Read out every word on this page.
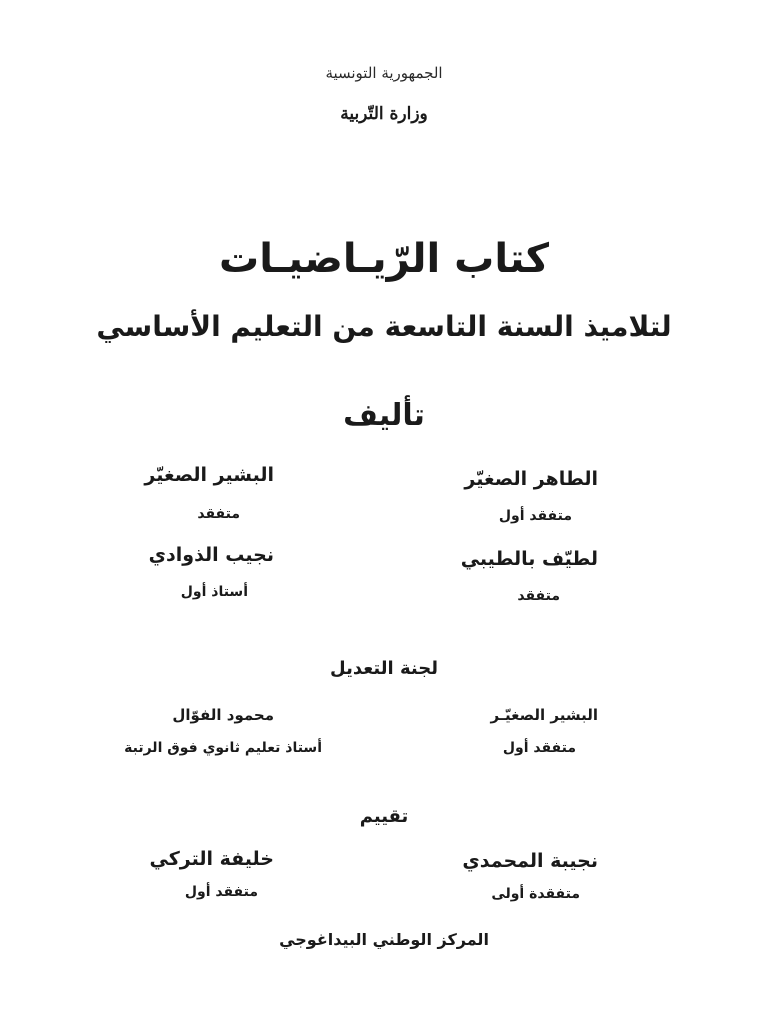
الجمهورية التونسية
وزارة التّربية
كتاب الرّيـاضيـات
لتلاميذ السنة التاسعة من التعليم الأساسي
تأليف
الطاهر الصغيّر
متفقد أول
البشير الصغيّر
متفقد
لطيّف بالطيبي
متفقد
نجيب الذوادي
أستاذ أول
لجنة التعديل
البشير الصغيّـر
متفقد أول
محمود الفوّال
أستاذ تعليم ثانوي فوق الرتبة
تقييم
نجيبة المحمدي
متفقدة أولى
خليفة التركي
متفقد أول
المركز الوطني البيداغوجي
